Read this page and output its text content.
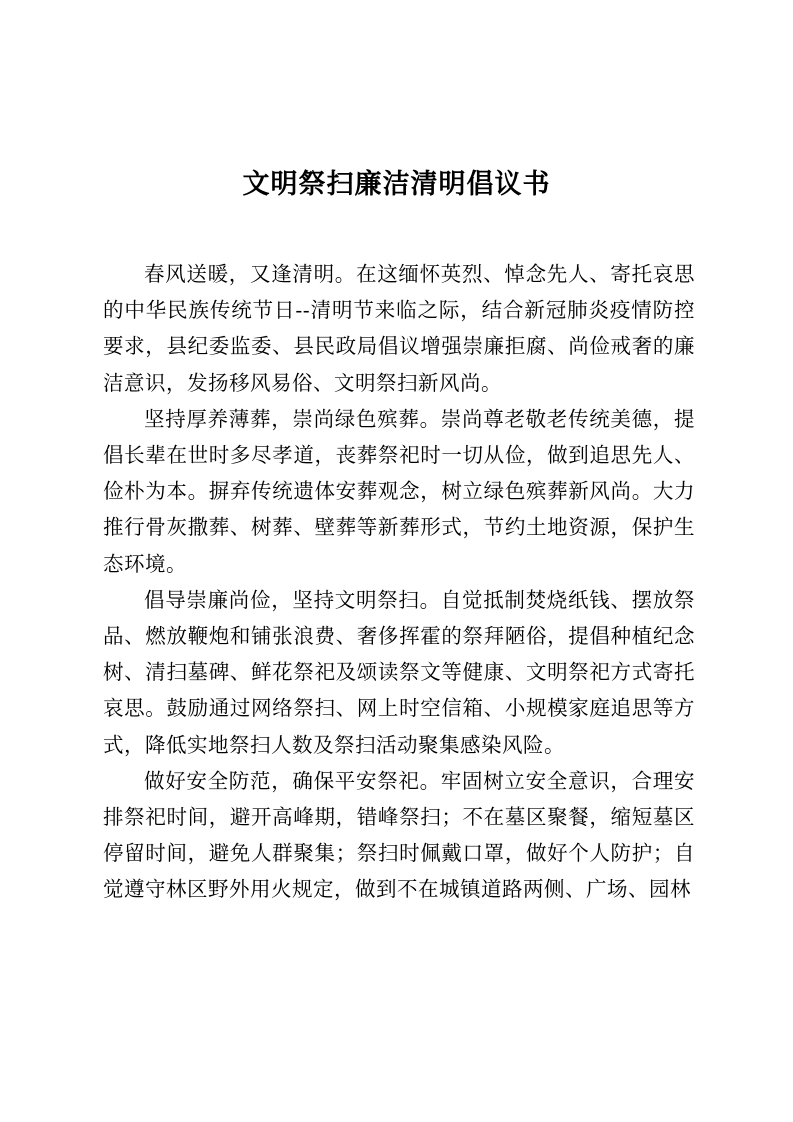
文明祭扫廉洁清明倡议书

春风送暖，又逢清明。在这缅怀英烈、悼念先人、寄托哀思的中华民族传统节日--清明节来临之际，结合新冠肺炎疫情防控要求，县纪委监委、县民政局倡议增强崇廉拒腐、尚俭戒奢的廉洁意识，发扬移风易俗、文明祭扫新风尚。

坚持厚养薄葬，崇尚绿色殡葬。崇尚尊老敬老传统美德，提倡长辈在世时多尽孝道，丧葬祭祀时一切从俭，做到追思先人、俭朴为本。摒弃传统遗体安葬观念，树立绿色殡葬新风尚。大力推行骨灰撒葬、树葬、壁葬等新葬形式，节约土地资源，保护生态环境。

倡导崇廉尚俭，坚持文明祭扫。自觉抵制焚烧纸钱、摆放祭品、燃放鞭炮和铺张浪费、奢侈挥霍的祭拜陋俗，提倡种植纪念树、清扫墓碑、鲜花祭祀及颂读祭文等健康、文明祭祀方式寄托哀思。鼓励通过网络祭扫、网上时空信箱、小规模家庭追思等方式，降低实地祭扫人数及祭扫活动聚集感染风险。

做好安全防范，确保平安祭祀。牢固树立安全意识，合理安排祭祀时间，避开高峰期，错峰祭扫；不在墓区聚餐，缩短墓区停留时间，避免人群聚集；祭扫时佩戴口罩，做好个人防护；自觉遵守林区野外用火规定，做到不在城镇道路两侧、广场、园林
